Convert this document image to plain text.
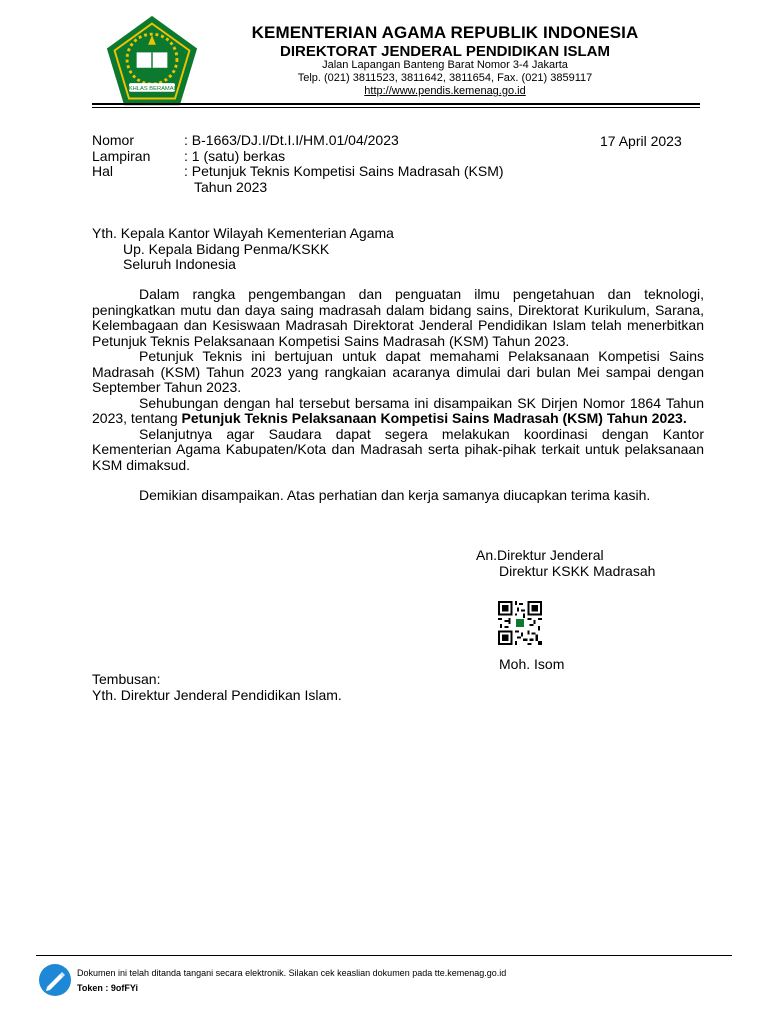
IKHLAS BERAMAL
KEMENTERIAN AGAMA REPUBLIK INDONESIA
DIREKTORAT JENDERAL PENDIDIKAN ISLAM
Jalan Lapangan Banteng Barat Nomor 3-4 Jakarta
Telp. (021) 3811523, 3811642, 3811654, Fax. (021) 3859117
http://www.pendis.kemenag.go.id
Nomor	: B-1663/DJ.I/Dt.I.I/HM.01/04/2023
Lampiran	: 1 (satu) berkas
Hal	: Petunjuk Teknis Kompetisi Sains Madrasah (KSM)
Tahun 2023
17 April 2023
Yth. Kepala Kantor Wilayah Kementerian Agama
Up. Kepala Bidang Penma/KSKK
Seluruh Indonesia

Dalam rangka pengembangan dan penguatan ilmu pengetahuan dan teknologi, peningkatkan mutu dan daya saing madrasah dalam bidang sains, Direktorat Kurikulum, Sarana, Kelembagaan dan Kesiswaan Madrasah Direktorat Jenderal Pendidikan Islam telah menerbitkan Petunjuk Teknis Pelaksanaan Kompetisi Sains Madrasah (KSM) Tahun 2023.

Petunjuk Teknis ini bertujuan untuk dapat memahami Pelaksanaan Kompetisi Sains Madrasah (KSM) Tahun 2023 yang rangkaian acaranya dimulai dari bulan Mei sampai dengan September Tahun 2023.

Sehubungan dengan hal tersebut bersama ini disampaikan SK Dirjen Nomor 1864 Tahun 2023, tentang Petunjuk Teknis Pelaksanaan Kompetisi Sains Madrasah (KSM) Tahun 2023.

Selanjutnya agar Saudara dapat segera melakukan koordinasi dengan Kantor Kementerian Agama Kabupaten/Kota dan Madrasah serta pihak-pihak terkait untuk pelaksanaan KSM dimaksud.

Demikian disampaikan. Atas perhatian dan kerja samanya diucapkan terima kasih.

An.Direktur Jenderal
Direktur KSKK Madrasah
Moh. Isom
Tembusan:
Yth. Direktur Jenderal Pendidikan Islam.
Dokumen ini telah ditanda tangani secara elektronik. Silakan cek keaslian dokumen pada tte.kemenag.go.id
Token : 9ofFYi
